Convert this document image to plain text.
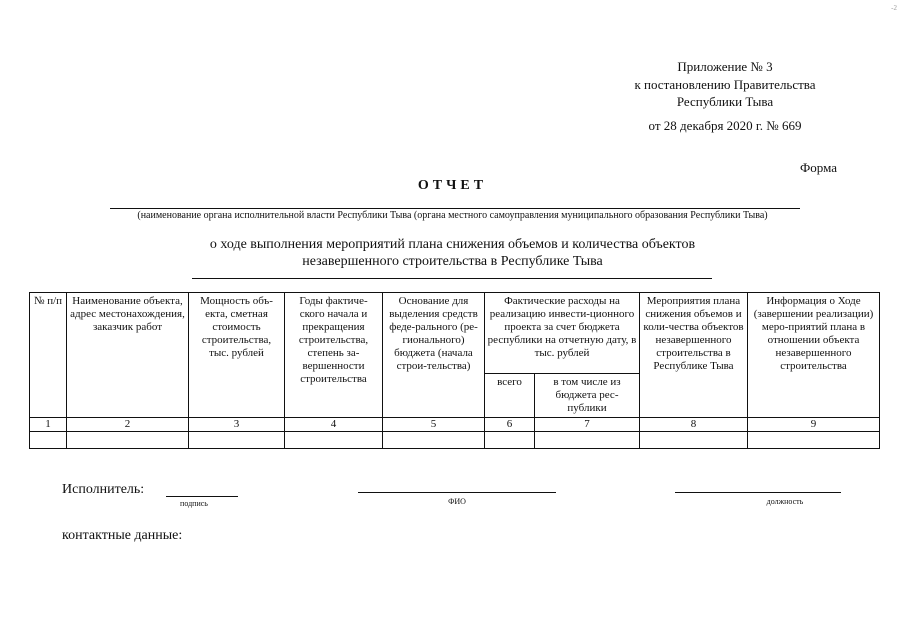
-2
Приложение № 3
к постановлению Правительства
Республики Тыва
от 28 декабря 2020 г. № 669
Форма
ОТЧЕТ
(наименование органа исполнительной власти Республики Тыва (органа местного самоуправления муниципального образования Республики Тыва)
о ходе выполнения мероприятий плана снижения объемов и количества объектов
незавершенного строительства в Республике Тыва
№ п/п	Наименование объекта, адрес местонахождения, заказчик работ	Мощность объ-екта, сметная стоимость строительства, тыс. рублей	Годы фактиче-ского начала и прекращения строительства, степень за-вершенности строительства	Основание для выделения средств феде-рального (ре-гионального) бюджета (начала строи-тельства)	Фактические расходы на реализацию инвести-ционного проекта за счет бюджета республики на отчетную дату, в тыс. рублей		Мероприятия плана снижения объемов и коли-чества объектов незавершенного строительства в Республике Тыва	Информация о Ходе (завершении реализации) меро-приятий плана в отношении объекта незавершенного строительства
					всего	в том числе из бюджета рес-публики		
1	2	3	4	5	6	7	8	9

Исполнитель:
подпись	ФИО	должность
контактные данные:
